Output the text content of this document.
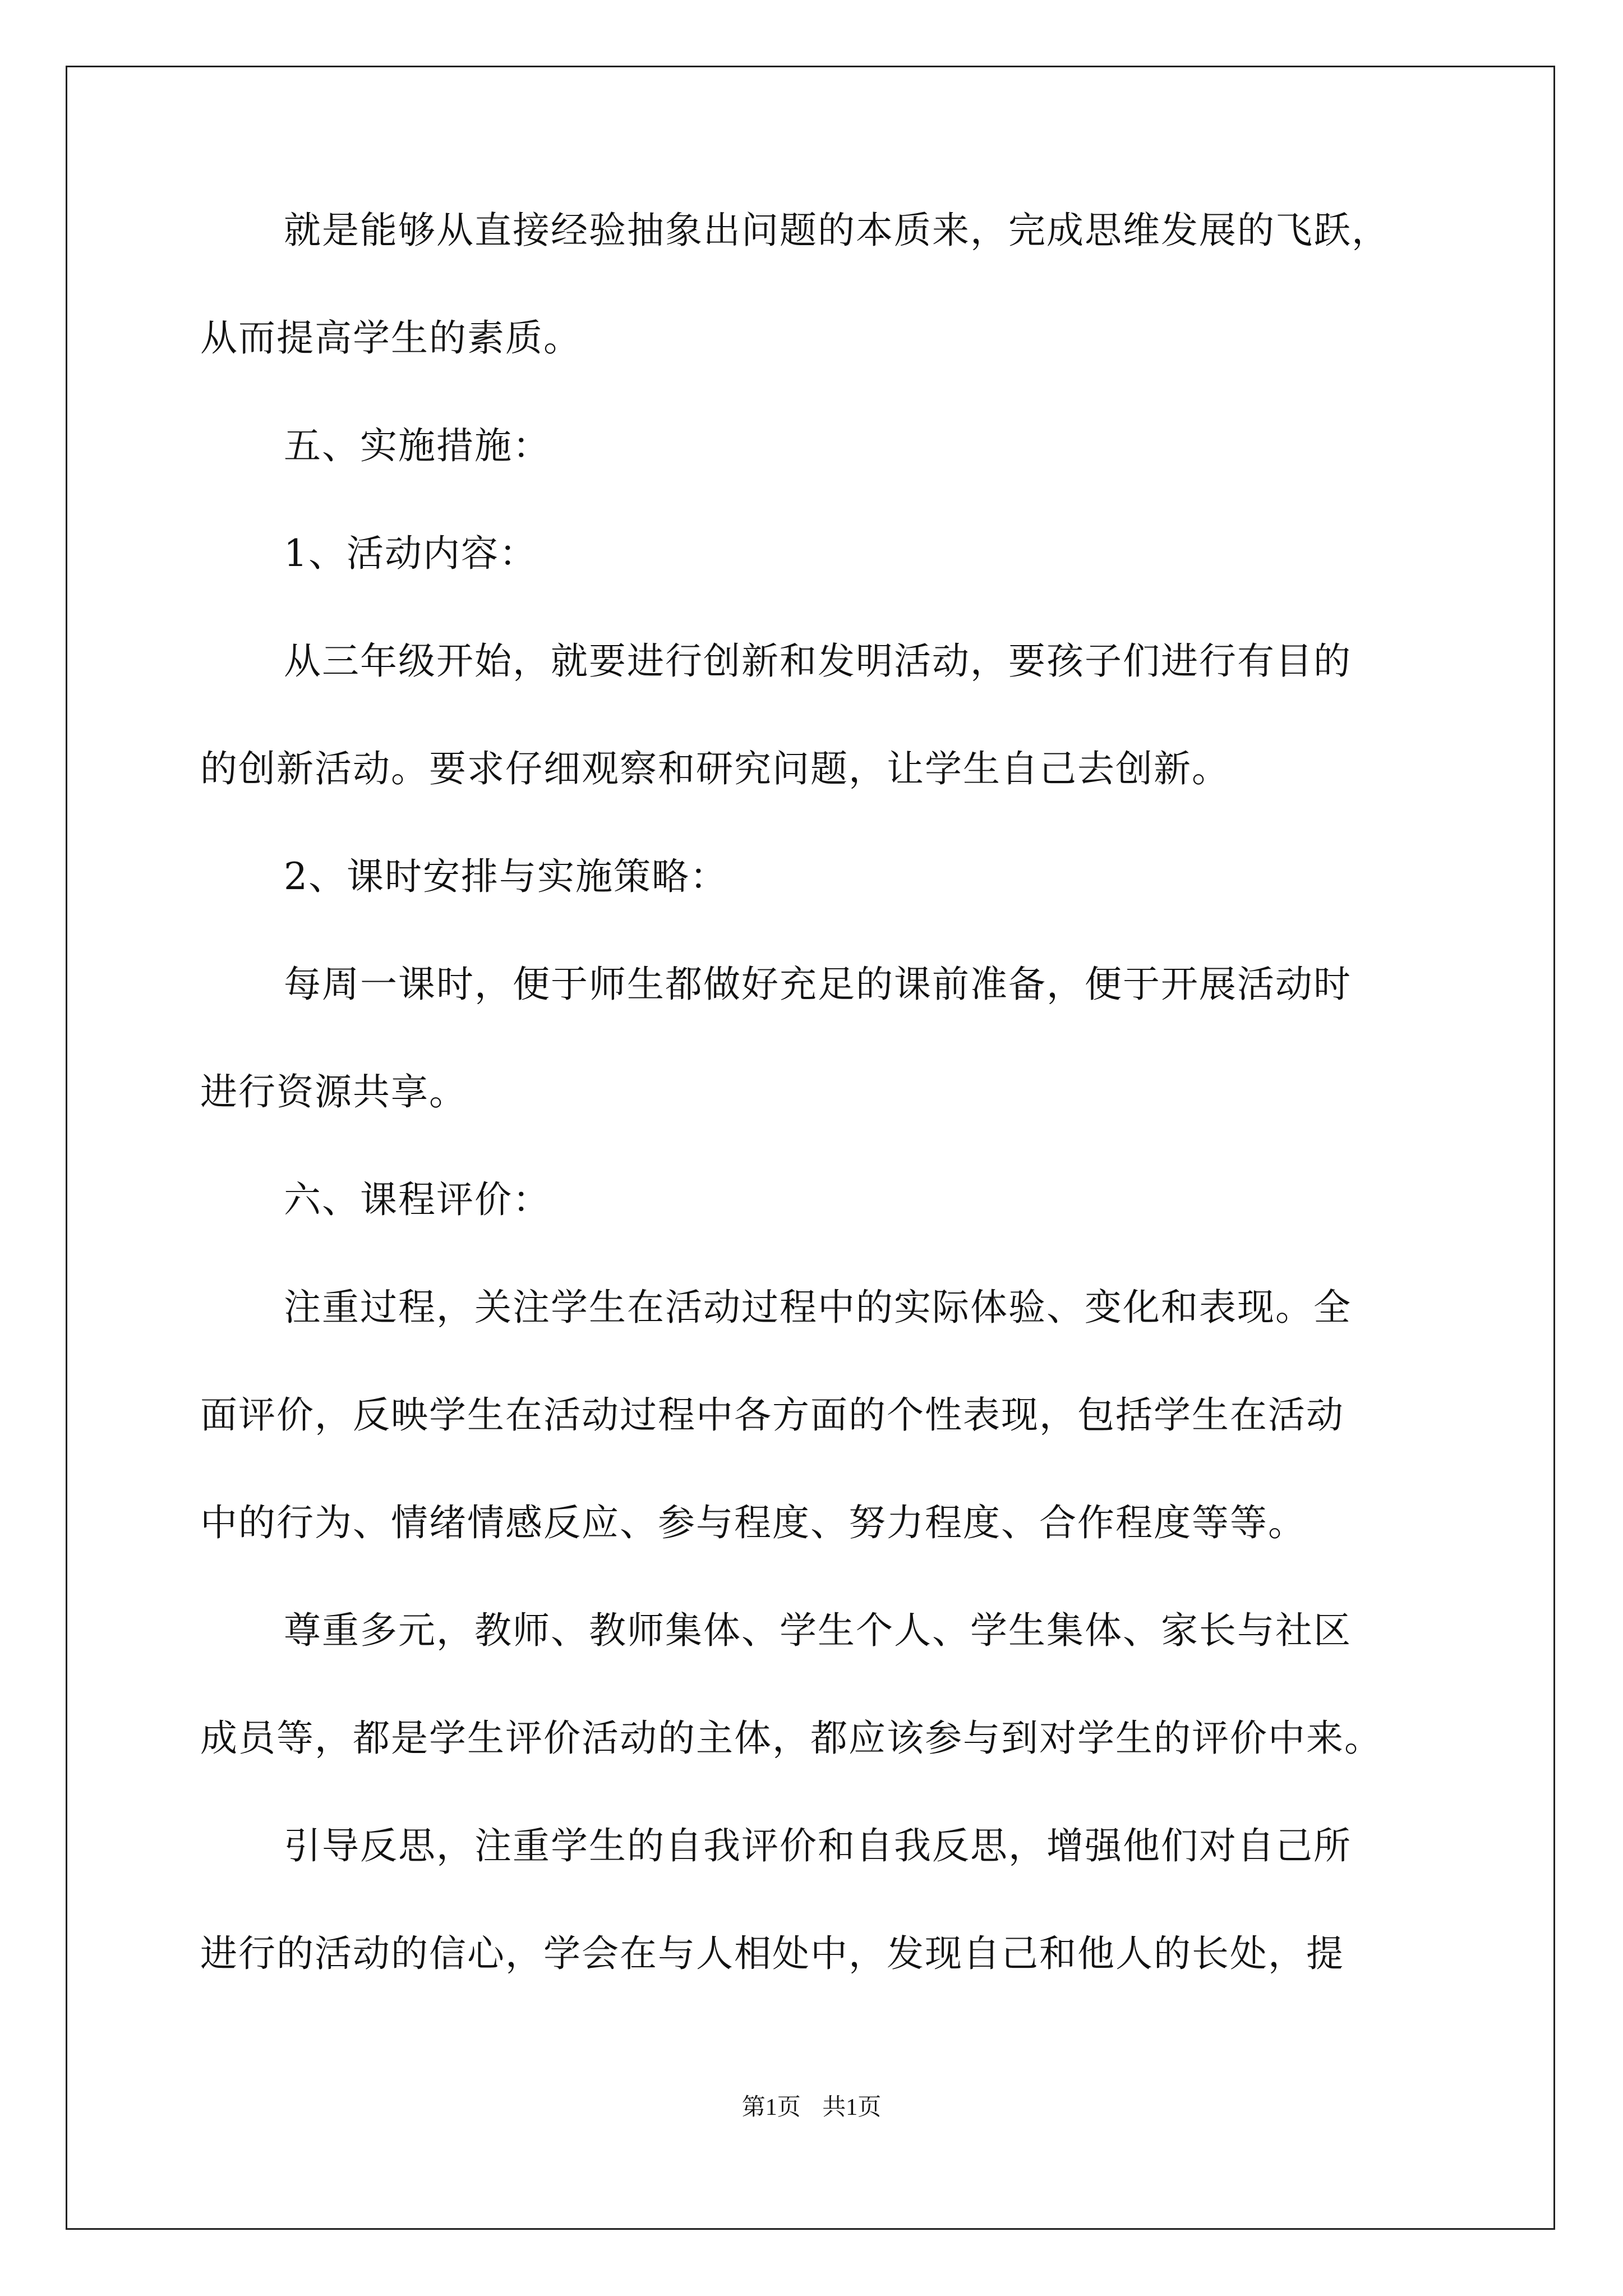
就是能够从直接经验抽象出问题的本质来，完成思维发展的飞跃，
从而提高学生的素质。
五、实施措施：
1、活动内容：
从三年级开始，就要进行创新和发明活动，要孩子们进行有目的
的创新活动。要求仔细观察和研究问题，让学生自己去创新。
2、课时安排与实施策略：
每周一课时，便于师生都做好充足的课前准备，便于开展活动时
进行资源共享。
六、课程评价：
注重过程，关注学生在活动过程中的实际体验、变化和表现。全
面评价，反映学生在活动过程中各方面的个性表现，包括学生在活动
中的行为、情绪情感反应、参与程度、努力程度、合作程度等等。
尊重多元，教师、教师集体、学生个人、学生集体、家长与社区
成员等，都是学生评价活动的主体，都应该参与到对学生的评价中来。
引导反思，注重学生的自我评价和自我反思，增强他们对自己所
进行的活动的信心，学会在与人相处中，发现自己和他人的长处，提
第1页 共1页
